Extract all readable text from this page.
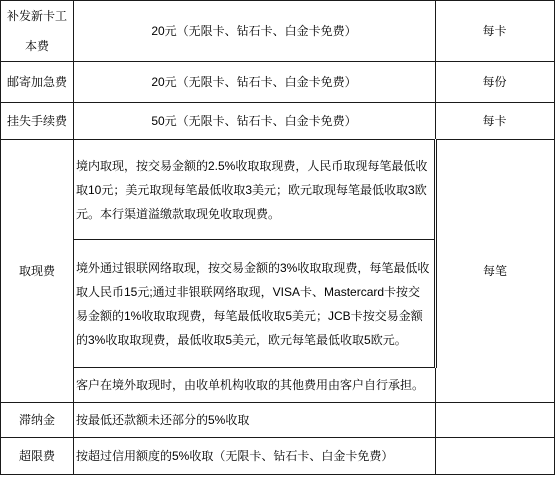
补发新卡工本费	20元（无限卡、钻石卡、白金卡免费）	每卡
邮寄加急费	20元（无限卡、钻石卡、白金卡免费）	每份
挂失手续费	50元（无限卡、钻石卡、白金卡免费）	每卡
取现费	境内取现，按交易金额的2.5%收取取现费，人民币取现每笔最低收取10元；美元取现每笔最低收取3美元；欧元取现每笔最低收取3欧元。本行渠道溢缴款取现免收取现费。	每笔
	境外通过银联网络取现，按交易金额的3%收取取现费，每笔最低收取人民币15元;通过非银联网络取现，VISA卡、Mastercard卡按交易金额的1%收取取现费，每笔最低收取5美元；JCB卡按交易金额的3%收取取现费，最低收取5美元，欧元每笔最低收取5欧元。	
	客户在境外取现时，由收单机构收取的其他费用由客户自行承担。	
滞纳金	按最低还款额未还部分的5%收取	
超限费	按超过信用额度的5%收取（无限卡、钻石卡、白金卡免费）	
